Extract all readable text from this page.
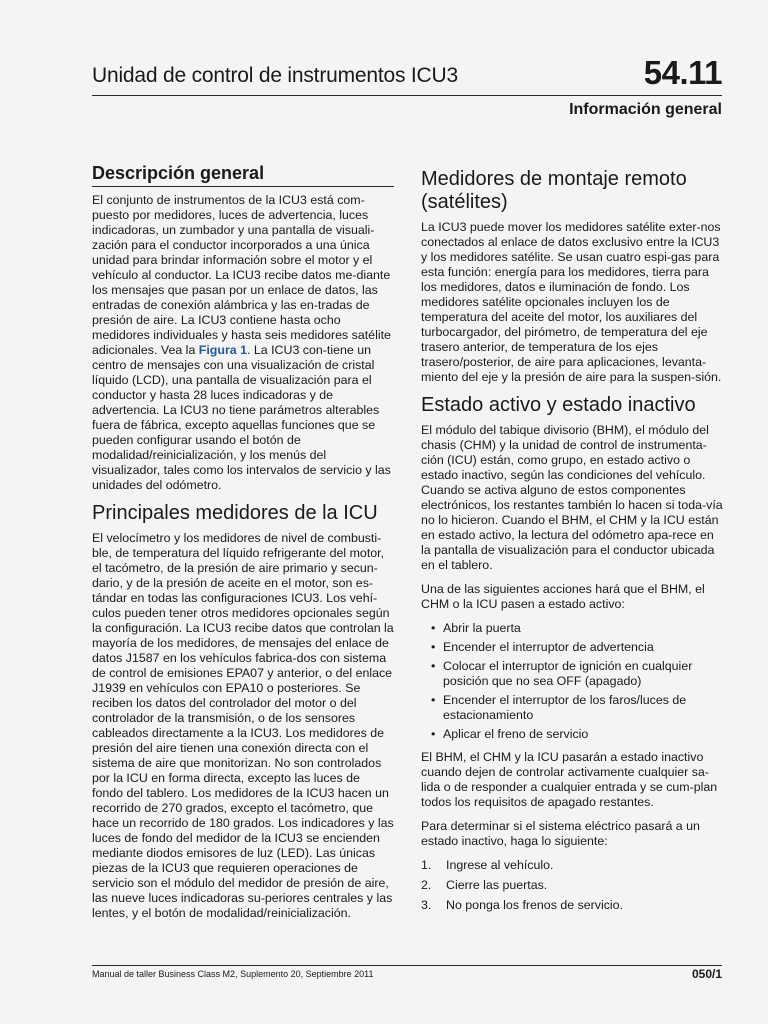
Unidad de control de instrumentos ICU3	54.11
Información general
Descripción general

El conjunto de instrumentos de la ICU3 está com-puesto por medidores, luces de advertencia, luces indicadoras, un zumbador y una pantalla de visuali-zación para el conductor incorporados a una única unidad para brindar información sobre el motor y el vehículo al conductor. La ICU3 recibe datos me-diante los mensajes que pasan por un enlace de datos, las entradas de conexión alámbrica y las en-tradas de presión de aire. La ICU3 contiene hasta ocho medidores individuales y hasta seis medidores satélite adicionales. Vea la Figura 1. La ICU3 con-tiene un centro de mensajes con una visualización de cristal líquido (LCD), una pantalla de visualización para el conductor y hasta 28 luces indicadoras y de advertencia. La ICU3 no tiene parámetros alterables fuera de fábrica, excepto aquellas funciones que se pueden configurar usando el botón de modalidad/reinicialización, y los menús del visualizador, tales como los intervalos de servicio y las unidades del odómetro.

Principales medidores de la ICU

El velocímetro y los medidores de nivel de combusti-ble, de temperatura del líquido refrigerante del motor, el tacómetro, de la presión de aire primario y secun-dario, y de la presión de aceite en el motor, son es-tándar en todas las configuraciones ICU3. Los vehí-culos pueden tener otros medidores opcionales según la configuración. La ICU3 recibe datos que controlan la mayoría de los medidores, de mensajes del enlace de datos J1587 en los vehículos fabrica-dos con sistema de control de emisiones EPA07 y anterior, o del enlace J1939 en vehículos con EPA10 o posteriores. Se reciben los datos del controlador del motor o del controlador de la transmisión, o de los sensores cableados directamente a la ICU3. Los medidores de presión del aire tienen una conexión directa con el sistema de aire que monitorizan. No son controlados por la ICU en forma directa, excepto las luces de fondo del tablero. Los medidores de la ICU3 hacen un recorrido de 270 grados, excepto el tacómetro, que hace un recorrido de 180 grados. Los indicadores y las luces de fondo del medidor de la ICU3 se encienden mediante diodos emisores de luz (LED). Las únicas piezas de la ICU3 que requieren operaciones de servicio son el módulo del medidor de presión de aire, las nueve luces indicadoras su-periores centrales y las lentes, y el botón de modalidad/reinicialización.

Medidores de montaje remoto (satélites)

La ICU3 puede mover los medidores satélite exter-nos conectados al enlace de datos exclusivo entre la ICU3 y los medidores satélite. Se usan cuatro espi-gas para esta función: energía para los medidores, tierra para los medidores, datos e iluminación de fondo. Los medidores satélite opcionales incluyen los de temperatura del aceite del motor, los auxiliares del turbocargador, del pirómetro, de temperatura del eje trasero anterior, de temperatura de los ejes trasero/posterior, de aire para aplicaciones, levanta-miento del eje y la presión de aire para la suspen-sión.

Estado activo y estado inactivo

El módulo del tabique divisorio (BHM), el módulo del chasis (CHM) y la unidad de control de instrumenta-ción (ICU) están, como grupo, en estado activo o estado inactivo, según las condiciones del vehículo. Cuando se activa alguno de estos componentes electrónicos, los restantes también lo hacen si toda-vía no lo hicieron. Cuando el BHM, el CHM y la ICU están en estado activo, la lectura del odómetro apa-rece en la pantalla de visualización para el conductor ubicada en el tablero.

Una de las siguientes acciones hará que el BHM, el CHM o la ICU pasen a estado activo:

• Abrir la puerta
• Encender el interruptor de advertencia
• Colocar el interruptor de ignición en cualquier posición que no sea OFF (apagado)
• Encender el interruptor de los faros/luces de estacionamiento
• Aplicar el freno de servicio

El BHM, el CHM y la ICU pasarán a estado inactivo cuando dejen de controlar activamente cualquier sa-lida o de responder a cualquier entrada y se cum-plan todos los requisitos de apagado restantes.

Para determinar si el sistema eléctrico pasará a un estado inactivo, haga lo siguiente:

1. Ingrese al vehículo.
2. Cierre las puertas.
3. No ponga los frenos de servicio.
Manual de taller Business Class M2, Suplemento 20, Septiembre 2011	050/1
